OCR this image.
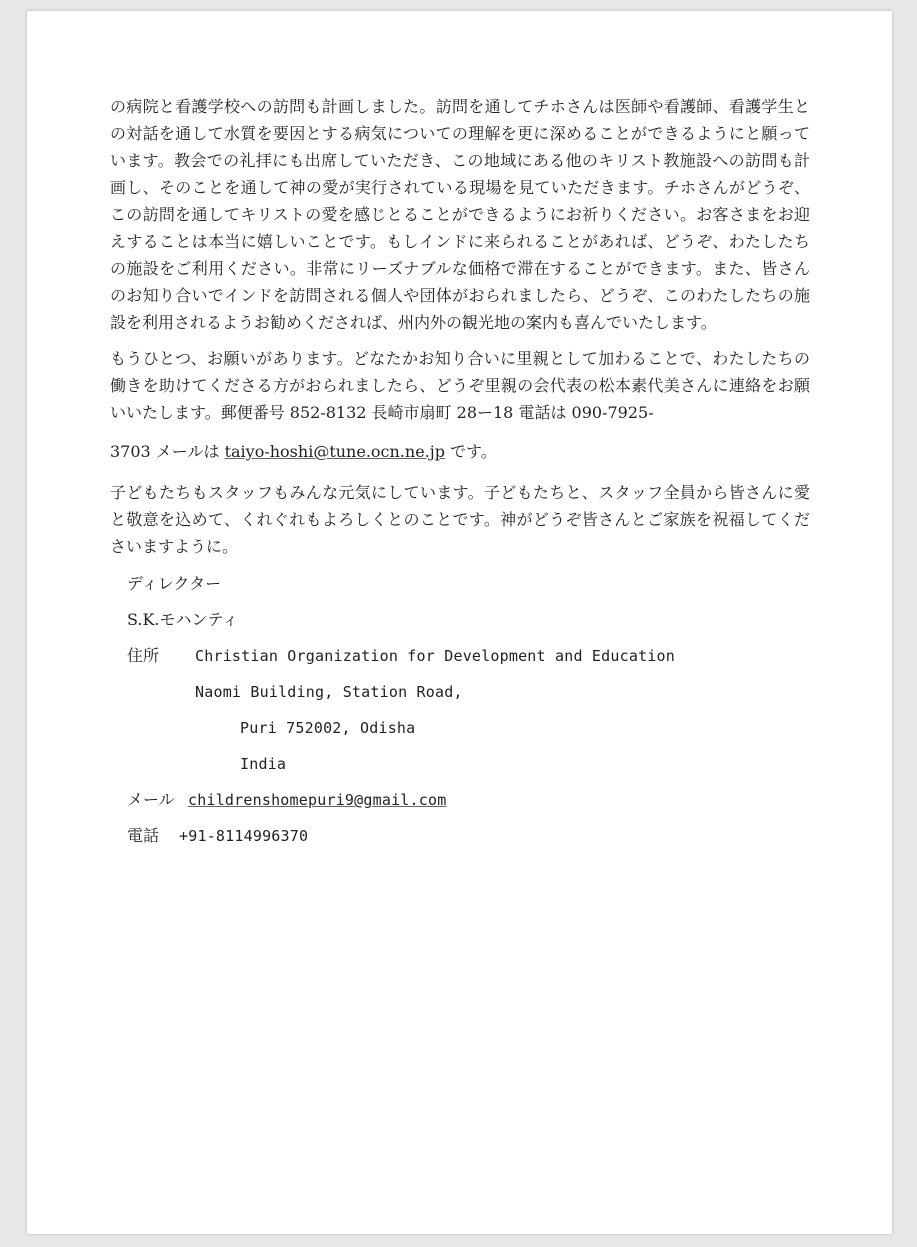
の病院と看護学校への訪問も計画しました。訪問を通してチホさんは医師や看護師、看護学生との対話を通して水質を要因とする病気についての理解を更に深めることができるようにと願っています。教会での礼拝にも出席していただき、この地域にある他のキリスト教施設への訪問も計画し、そのことを通して神の愛が実行されている現場を見ていただきます。チホさんがどうぞ、この訪問を通してキリストの愛を感じとることができるようにお祈りください。お客さまをお迎えすることは本当に嬉しいことです。もしインドに来られることがあれば、どうぞ、わたしたちの施設をご利用ください。非常にリーズナブルな価格で滞在することができます。また、皆さんのお知り合いでインドを訪問される個人や団体がおられましたら、どうぞ、このわたしたちの施設を利用されるようお勧めくだされば、州内外の観光地の案内も喜んでいたします。

もうひとつ、お願いがあります。どなたかお知り合いに里親として加わることで、わたしたちの働きを助けてくださる方がおられましたら、どうぞ里親の会代表の松本素代美さんに連絡をお願いいたします。郵便番号 852-8132 長崎市扇町 28ー18 電話は 090-7925-

3703 メールは taiyo-hoshi@tune.ocn.ne.jp です。

子どもたちもスタッフもみんな元気にしています。子どもたちと、スタッフ全員から皆さんに愛と敬意を込めて、くれぐれもよろしくとのことです。神がどうぞ皆さんとご家族を祝福してくださいますように。

ディレクター
S.K.モハンティ
住所 Christian Organization for Development and Education
Naomi Building, Station Road,
Puri 752002, Odisha
India
メール childrenshomepuri9@gmail.com
電話 +91-8114996370
